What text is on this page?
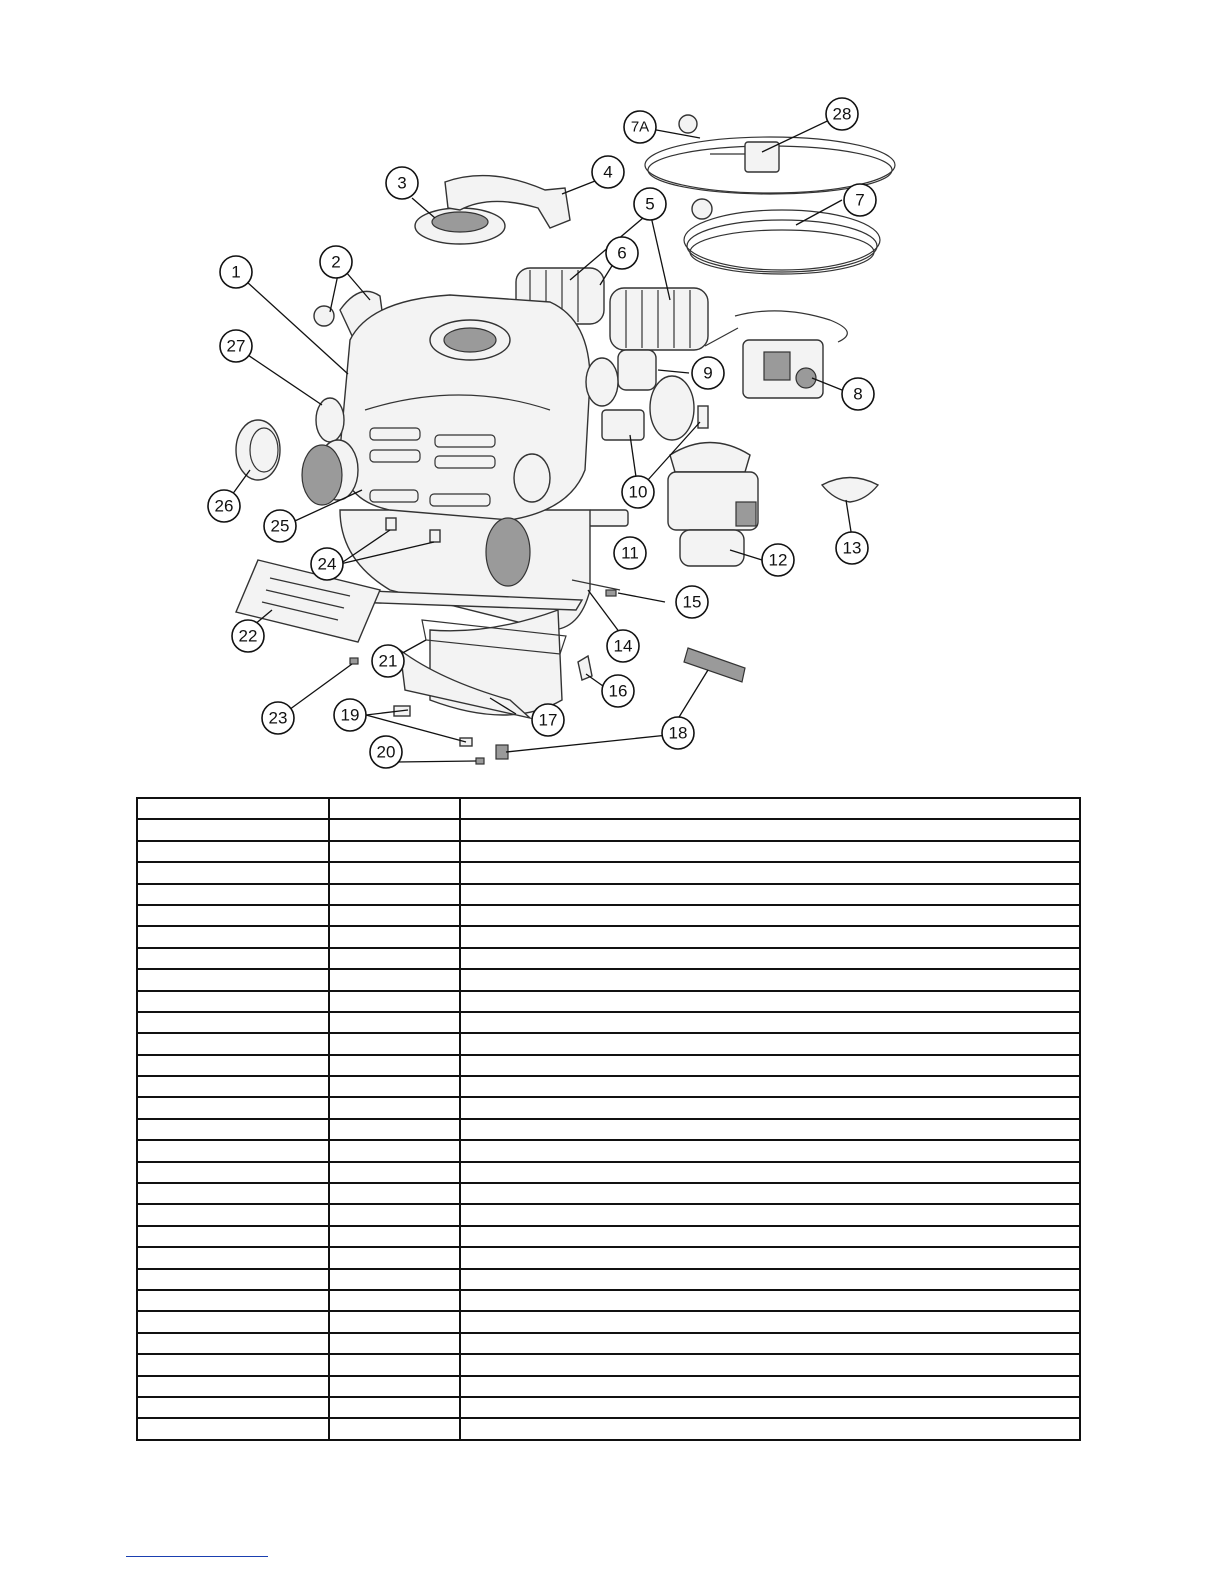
1
2
3
4
5
6
7
7A
8
9
10
11	12
13
14
15
16
17
18
19
20
21
22
23
24
25
26
27
28
